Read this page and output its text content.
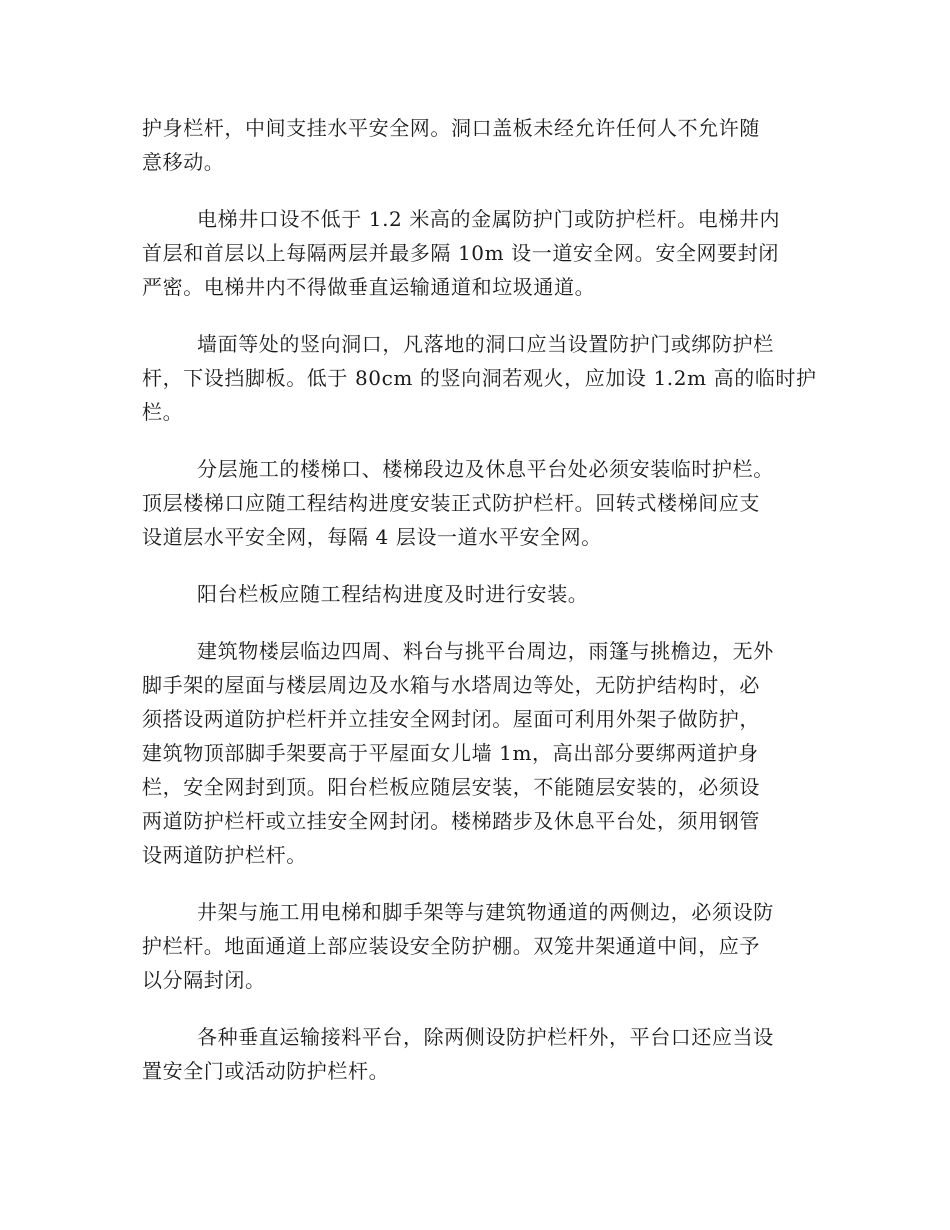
护身栏杆，中间支挂水平安全网。洞口盖板未经允许任何人不允许随
意移动。
电梯井口设不低于 1.2 米高的金属防护门或防护栏杆。电梯井内
首层和首层以上每隔两层并最多隔 10m 设一道安全网。安全网要封闭
严密。电梯井内不得做垂直运输通道和垃圾通道。
墙面等处的竖向洞口，凡落地的洞口应当设置防护门或绑防护栏
杆，下设挡脚板。低于 80cm 的竖向洞若观火，应加设 1.2m 高的临时护
栏。
分层施工的楼梯口、楼梯段边及休息平台处必须安装临时护栏。
顶层楼梯口应随工程结构进度安装正式防护栏杆。回转式楼梯间应支
设道层水平安全网，每隔 4 层设一道水平安全网。
阳台栏板应随工程结构进度及时进行安装。
建筑物楼层临边四周、料台与挑平台周边，雨篷与挑檐边，无外
脚手架的屋面与楼层周边及水箱与水塔周边等处，无防护结构时，必
须搭设两道防护栏杆并立挂安全网封闭。屋面可利用外架子做防护，
建筑物顶部脚手架要高于平屋面女儿墙 1m，高出部分要绑两道护身
栏，安全网封到顶。阳台栏板应随层安装，不能随层安装的，必须设
两道防护栏杆或立挂安全网封闭。楼梯踏步及休息平台处，须用钢管
设两道防护栏杆。
井架与施工用电梯和脚手架等与建筑物通道的两侧边，必须设防
护栏杆。地面通道上部应装设安全防护棚。双笼井架通道中间，应予
以分隔封闭。
各种垂直运输接料平台，除两侧设防护栏杆外，平台口还应当设
置安全门或活动防护栏杆。
